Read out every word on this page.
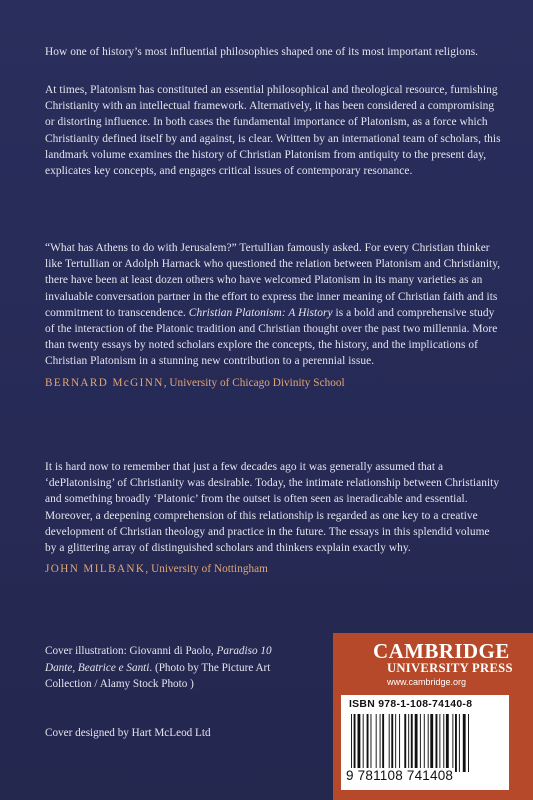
How one of history’s most influential philosophies shaped one of its most important religions.

At times, Platonism has constituted an essential philosophical and theological resource, furnishing Christianity with an intellectual framework. Alternatively, it has been considered a compromising or distorting influence. In both cases the fundamental importance of Platonism, as a force which Christianity defined itself by and against, is clear. Written by an international team of scholars, this landmark volume examines the history of Christian Platonism from antiquity to the present day, explicates key concepts, and engages critical issues of contemporary resonance.

“What has Athens to do with Jerusalem?” Tertullian famously asked. For every Christian thinker like Tertullian or Adolph Harnack who questioned the relation between Platonism and Christianity, there have been at least dozen others who have welcomed Platonism in its many varieties as an invaluable conversation partner in the effort to express the inner meaning of Christian faith and its commitment to transcendence. Christian Platonism: A History is a bold and comprehensive study of the interaction of the Platonic tradition and Christian thought over the past two millennia. More than twenty essays by noted scholars explore the concepts, the history, and the implications of Christian Platonism in a stunning new contribution to a perennial issue.
BERNARD McGINN, University of Chicago Divinity School

It is hard now to remember that just a few decades ago it was generally assumed that a ‘dePlatonising’ of Christianity was desirable. Today, the intimate relationship between Christianity and something broadly ‘Platonic’ from the outset is often seen as ineradicable and essential. Moreover, a deepening comprehension of this relationship is regarded as one key to a creative development of Christian theology and practice in the future. The essays in this splendid volume by a glittering array of distinguished scholars and thinkers explain exactly why.
JOHN MILBANK, University of Nottingham

Cover illustration: Giovanni di Paolo, Paradiso 10 Dante, Beatrice e Santi. (Photo by The Picture Art Collection / Alamy Stock Photo )

Cover designed by Hart McLeod Ltd

CAMBRIDGE

UNIVERSITY PRESS

www.cambridge.org

ISBN 978-1-108-74140-8

9 781108 741408
